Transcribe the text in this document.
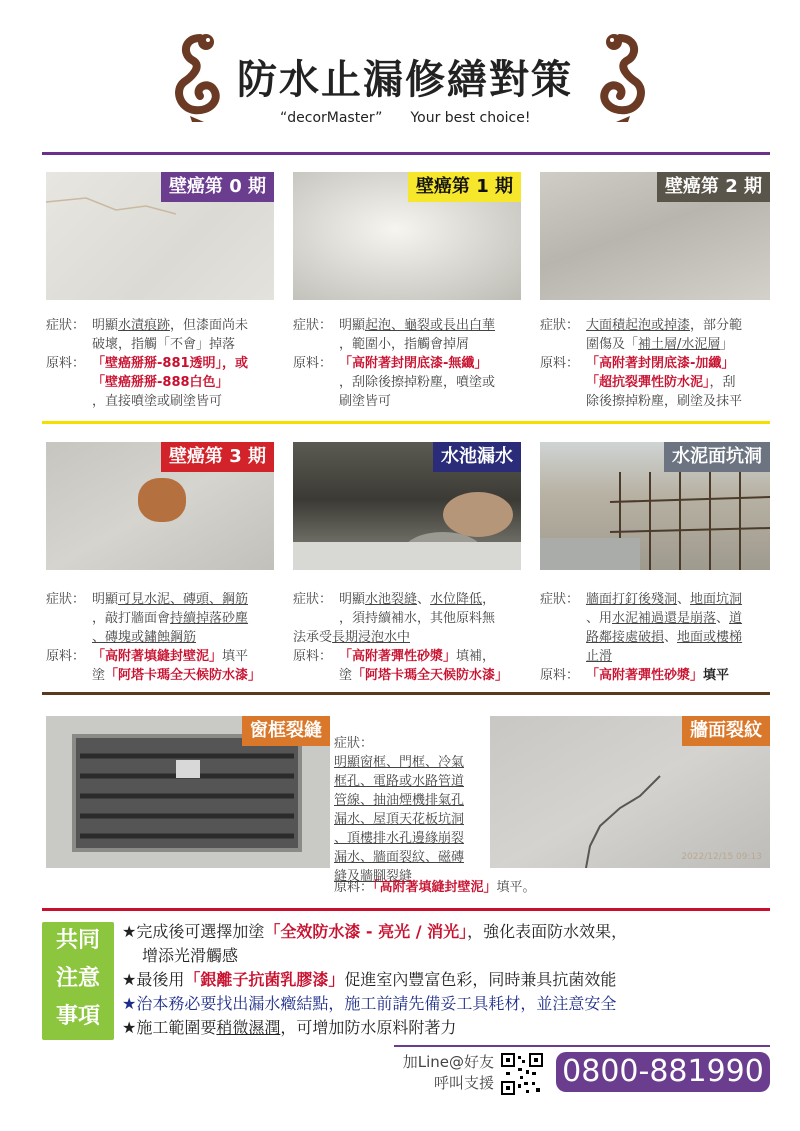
防水止漏修繕對策
“decorMaster” Your best choice!
壁癌第 0 期	壁癌第 1 期	壁癌第 2 期
症狀： 明顯水漬痕跡，但漆面尚未
破壞，指觸「不會」掉落
原料： 「壁癌掰掰-881透明」，或
「壁癌掰掰-888白色」
，直接噴塗或刷塗皆可
症狀： 明顯起泡、龜裂或長出白華
，範圍小，指觸會掉屑
原料： 「高附著封閉底漆-無纖」
，刮除後擦掉粉塵，噴塗或
刷塗皆可
症狀： 大面積起泡或掉漆，部分範
圍傷及「補土層/水泥層」
原料： 「高附著封閉底漆-加纖」
「超抗裂彈性防水泥」，刮
除後擦掉粉塵，刷塗及抹平
壁癌第 3 期	水池漏水	水泥面坑洞
症狀： 明顯可見水泥、磚頭、鋼筋
，敲打牆面會持續掉落砂塵
、磚塊或鏽蝕鋼筋
原料： 「高附著填縫封壁泥」填平
塗「阿塔卡瑪全天候防水漆」
症狀： 明顯水池裂縫、水位降低，
，須持續補水，其他原料無
法承受長期浸泡水中
原料： 「高附著彈性砂漿」填補，
塗「阿塔卡瑪全天候防水漆」
症狀： 牆面打釘後殘洞、地面坑洞
、用水泥補過還是崩落、道
路鄰接處破損、地面或樓梯
止滑
原料： 「高附著彈性砂漿」填平
窗框裂縫
症狀：
明顯窗框、門框、冷氣
框孔、電路或水路管道
管線、抽油煙機排氣孔
漏水、屋頂天花板坑洞
、頂樓排水孔邊緣崩裂
漏水、牆面裂紋、磁磚
縫及牆腳裂縫
原料：「高附著填縫封壁泥」填平。
2022/12/15 09:13
牆面裂紋
共同
注意
事項
★完成後可選擇加塗「全效防水漆 - 亮光 / 消光」，強化表面防水效果，
增添光滑觸感
★最後用「銀離子抗菌乳膠漆」促進室內豐富色彩，同時兼具抗菌效能
★治本務必要找出漏水癥結點，施工前請先備妥工具耗材，並注意安全
★施工範圍要稍微濕潤，可增加防水原料附著力
加Line@好友
呼叫支援 0800-881990
